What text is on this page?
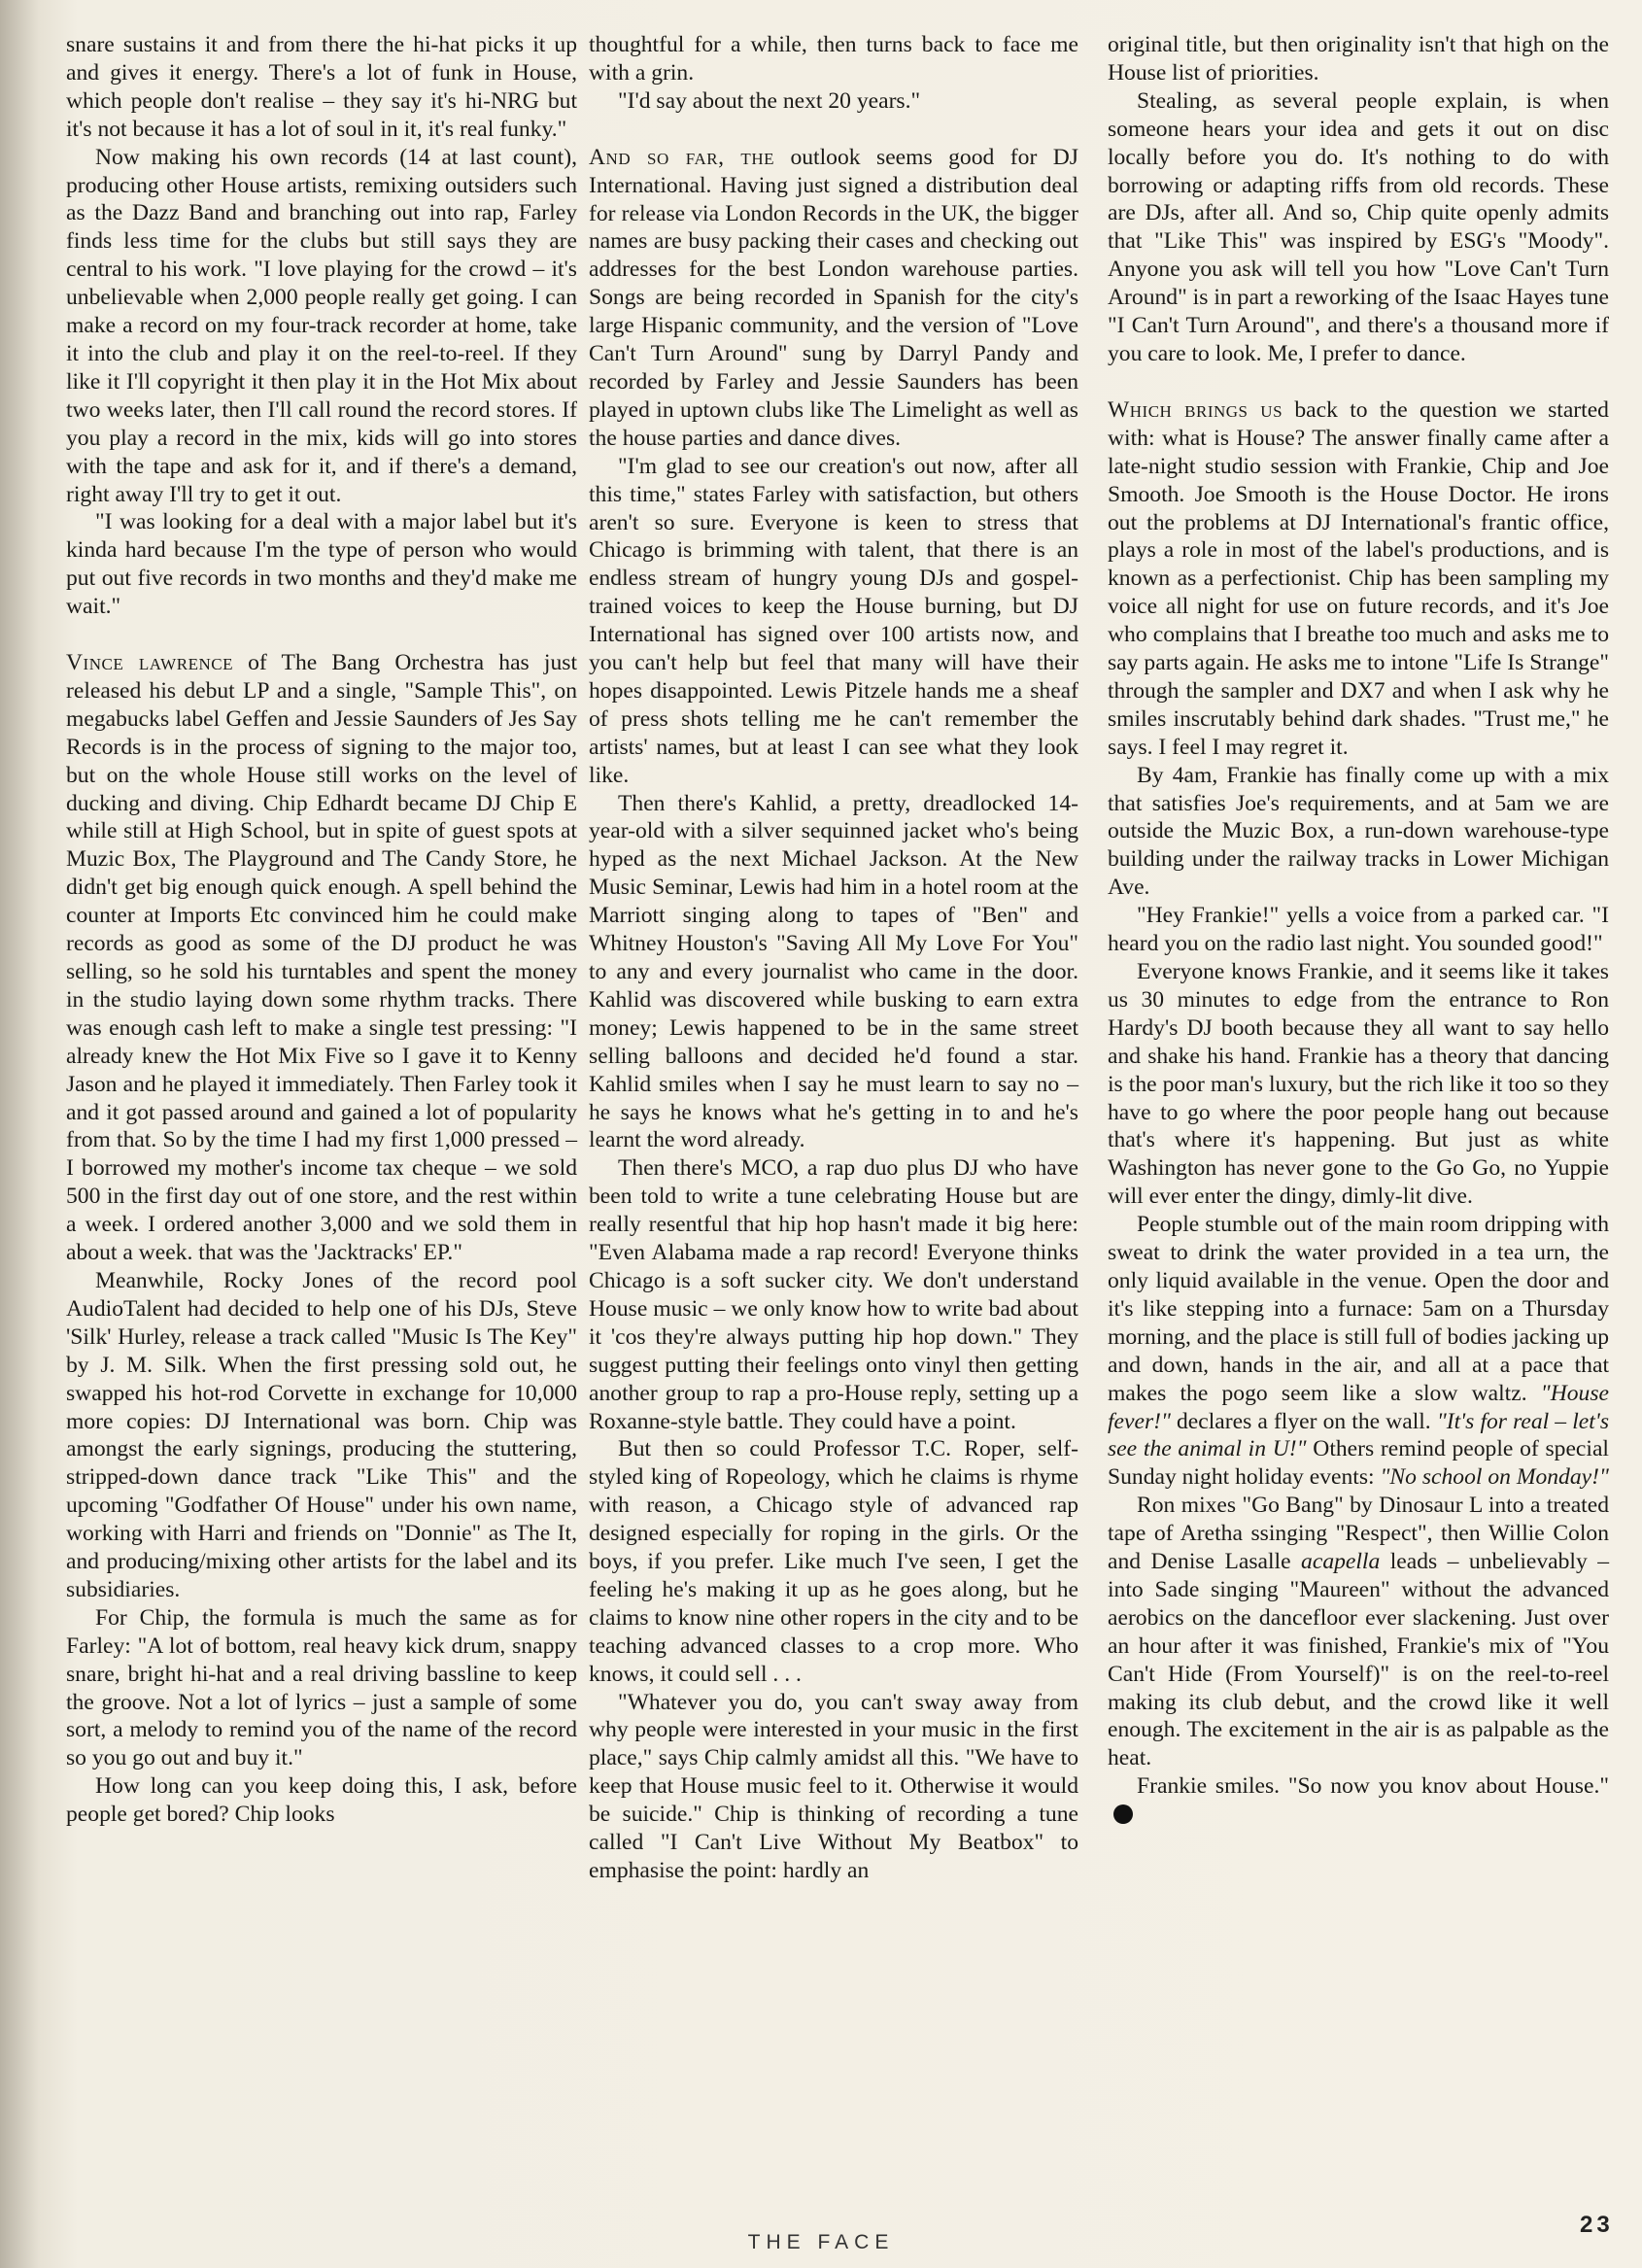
snare sustains it and from there the hi-hat picks it up and gives it energy. There's a lot of funk in House, which people don't realise – they say it's hi-NRG but it's not because it has a lot of soul in it, it's real funky."

Now making his own records (14 at last count), producing other House artists, remixing outsiders such as the Dazz Band and branching out into rap, Farley finds less time for the clubs but still says they are central to his work. "I love playing for the crowd – it's unbelievable when 2,000 people really get going. I can make a record on my four-track recorder at home, take it into the club and play it on the reel-to-reel. If they like it I'll copyright it then play it in the Hot Mix about two weeks later, then I'll call round the record stores. If you play a record in the mix, kids will go into stores with the tape and ask for it, and if there's a demand, right away I'll try to get it out.

"I was looking for a deal with a major label but it's kinda hard because I'm the type of person who would put out five records in two months and they'd make me wait."

Vince lawrence of The Bang Orchestra has just released his debut LP and a single, "Sample This", on megabucks label Geffen and Jessie Saunders of Jes Say Records is in the process of signing to the major too, but on the whole House still works on the level of ducking and diving. Chip Edhardt became DJ Chip E while still at High School, but in spite of guest spots at Muzic Box, The Playground and The Candy Store, he didn't get big enough quick enough. A spell behind the counter at Imports Etc convinced him he could make records as good as some of the DJ product he was selling, so he sold his turntables and spent the money in the studio laying down some rhythm tracks. There was enough cash left to make a single test pressing: "I already knew the Hot Mix Five so I gave it to Kenny Jason and he played it immediately. Then Farley took it and it got passed around and gained a lot of popularity from that. So by the time I had my first 1,000 pressed – I borrowed my mother's income tax cheque – we sold 500 in the first day out of one store, and the rest within a week. I ordered another 3,000 and we sold them in about a week. that was the 'Jacktracks' EP."

Meanwhile, Rocky Jones of the record pool AudioTalent had decided to help one of his DJs, Steve 'Silk' Hurley, release a track called "Music Is The Key" by J. M. Silk. When the first pressing sold out, he swapped his hot-rod Corvette in exchange for 10,000 more copies: DJ International was born. Chip was amongst the early signings, producing the stuttering, stripped-down dance track "Like This" and the upcoming "Godfather Of House" under his own name, working with Harri and friends on "Donnie" as The It, and producing/mixing other artists for the label and its subsidiaries.

For Chip, the formula is much the same as for Farley: "A lot of bottom, real heavy kick drum, snappy snare, bright hi-hat and a real driving bassline to keep the groove. Not a lot of lyrics – just a sample of some sort, a melody to remind you of the name of the record so you go out and buy it."

How long can you keep doing this, I ask, before people get bored? Chip looks

thoughtful for a while, then turns back to face me with a grin.

"I'd say about the next 20 years."

And so far, the outlook seems good for DJ International. Having just signed a distribution deal for release via London Records in the UK, the bigger names are busy packing their cases and checking out addresses for the best London warehouse parties. Songs are being recorded in Spanish for the city's large Hispanic community, and the version of "Love Can't Turn Around" sung by Darryl Pandy and recorded by Farley and Jessie Saunders has been played in uptown clubs like The Limelight as well as the house parties and dance dives.

"I'm glad to see our creation's out now, after all this time," states Farley with satisfaction, but others aren't so sure. Everyone is keen to stress that Chicago is brimming with talent, that there is an endless stream of hungry young DJs and gospel-trained voices to keep the House burning, but DJ International has signed over 100 artists now, and you can't help but feel that many will have their hopes disappointed. Lewis Pitzele hands me a sheaf of press shots telling me he can't remember the artists' names, but at least I can see what they look like.

Then there's Kahlid, a pretty, dreadlocked 14-year-old with a silver sequinned jacket who's being hyped as the next Michael Jackson. At the New Music Seminar, Lewis had him in a hotel room at the Marriott singing along to tapes of "Ben" and Whitney Houston's "Saving All My Love For You" to any and every journalist who came in the door. Kahlid was discovered while busking to earn extra money; Lewis happened to be in the same street selling balloons and decided he'd found a star. Kahlid smiles when I say he must learn to say no – he says he knows what he's getting in to and he's learnt the word already.

Then there's MCO, a rap duo plus DJ who have been told to write a tune celebrating House but are really resentful that hip hop hasn't made it big here: "Even Alabama made a rap record! Everyone thinks Chicago is a soft sucker city. We don't understand House music – we only know how to write bad about it 'cos they're always putting hip hop down." They suggest putting their feelings onto vinyl then getting another group to rap a pro-House reply, setting up a Roxanne-style battle. They could have a point.

But then so could Professor T.C. Roper, self-styled king of Ropeology, which he claims is rhyme with reason, a Chicago style of advanced rap designed especially for roping in the girls. Or the boys, if you prefer. Like much I've seen, I get the feeling he's making it up as he goes along, but he claims to know nine other ropers in the city and to be teaching advanced classes to a crop more. Who knows, it could sell . . .

"Whatever you do, you can't sway away from why people were interested in your music in the first place," says Chip calmly amidst all this. "We have to keep that House music feel to it. Otherwise it would be suicide." Chip is thinking of recording a tune called "I Can't Live Without My Beatbox" to emphasise the point: hardly an

original title, but then originality isn't that high on the House list of priorities.

Stealing, as several people explain, is when someone hears your idea and gets it out on disc locally before you do. It's nothing to do with borrowing or adapting riffs from old records. These are DJs, after all. And so, Chip quite openly admits that "Like This" was inspired by ESG's "Moody". Anyone you ask will tell you how "Love Can't Turn Around" is in part a reworking of the Isaac Hayes tune "I Can't Turn Around", and there's a thousand more if you care to look. Me, I prefer to dance.

Which brings us back to the question we started with: what is House? The answer finally came after a late-night studio session with Frankie, Chip and Joe Smooth. Joe Smooth is the House Doctor. He irons out the problems at DJ International's frantic office, plays a role in most of the label's productions, and is known as a perfectionist. Chip has been sampling my voice all night for use on future records, and it's Joe who complains that I breathe too much and asks me to say parts again. He asks me to intone "Life Is Strange" through the sampler and DX7 and when I ask why he smiles inscrutably behind dark shades. "Trust me," he says. I feel I may regret it.

By 4am, Frankie has finally come up with a mix that satisfies Joe's requirements, and at 5am we are outside the Muzic Box, a run-down warehouse-type building under the railway tracks in Lower Michigan Ave.

"Hey Frankie!" yells a voice from a parked car. "I heard you on the radio last night. You sounded good!"

Everyone knows Frankie, and it seems like it takes us 30 minutes to edge from the entrance to Ron Hardy's DJ booth because they all want to say hello and shake his hand. Frankie has a theory that dancing is the poor man's luxury, but the rich like it too so they have to go where the poor people hang out because that's where it's happening. But just as white Washington has never gone to the Go Go, no Yuppie will ever enter the dingy, dimly-lit dive.

People stumble out of the main room dripping with sweat to drink the water provided in a tea urn, the only liquid available in the venue. Open the door and it's like stepping into a furnace: 5am on a Thursday morning, and the place is still full of bodies jacking up and down, hands in the air, and all at a pace that makes the pogo seem like a slow waltz. "House fever!" declares a flyer on the wall. "It's for real – let's see the animal in U!" Others remind people of special Sunday night holiday events: "No school on Monday!"

Ron mixes "Go Bang" by Dinosaur L into a treated tape of Aretha ssinging "Respect", then Willie Colon and Denise Lasalle acapella leads – unbelievably – into Sade singing "Maureen" without the advanced aerobics on the dancefloor ever slackening. Just over an hour after it was finished, Frankie's mix of "You Can't Hide (From Yourself)" is on the reel-to-reel making its club debut, and the crowd like it well enough. The excitement in the air is as palpable as the heat.

Frankie smiles. "So now you knov about House."

THE FACE
23
